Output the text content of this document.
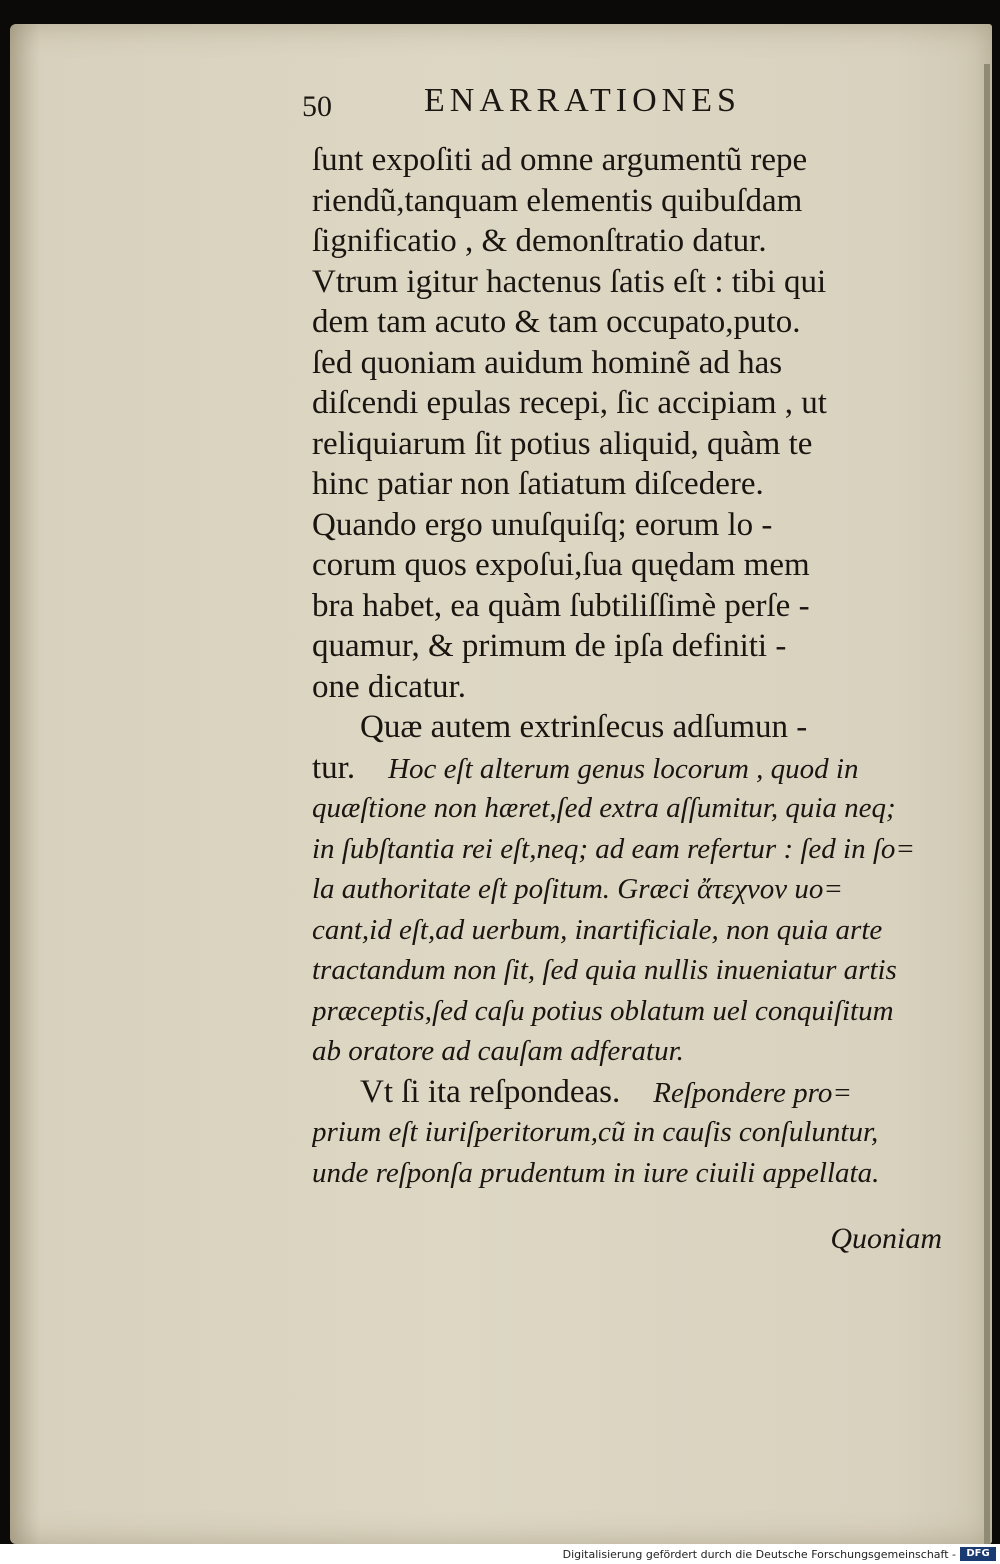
50	ENARRATIONES
ſunt expoſiti ad omne argumentũ repe
riendũ,tanquam elementis quibuſdam
ſignificatio , & demonſtratio datur.
Vtrum igitur hactenus ſatis eſt : tibi qui
dem tam acuto & tam occupato,puto.
ſed quoniam auidum hominẽ ad has
diſcendi epulas recepi, ſic accipiam , ut
reliquiarum ſit potius aliquid, quàm te
hinc patiar non ſatiatum diſcedere.
Quando ergo unuſquiſq; eorum lo -
corum quos expoſui,ſua quędam mem
bra habet, ea quàm ſubtiliſſimè perſe -
quamur, & primum de ipſa definiti -
one dicatur.
Quæ autem extrinſecus adſumun -
tur. Hoc eſt alterum genus locorum , quod in
quæſtione non hæret,ſed extra aſſumitur, quia neq;
in ſubſtantia rei eſt,neq; ad eam refertur : ſed in ſo=
la authoritate eſt poſitum. Græci ἄτεχνον uo=
cant,id eſt,ad uerbum, inartificiale, non quia arte
tractandum non ſit, ſed quia nullis inueniatur artis
præceptis,ſed caſu potius oblatum uel conquiſitum
ab oratore ad cauſam adferatur.
Vt ſi ita reſpondeas. Reſpondere pro=
prium eſt iuriſperitorum,cũ in cauſis conſuluntur,
unde reſponſa prudentum in iure ciuili appellata.
Quoniam
Digitalisierung gefördert durch die Deutsche Forschungsgemeinschaft -	DFG
